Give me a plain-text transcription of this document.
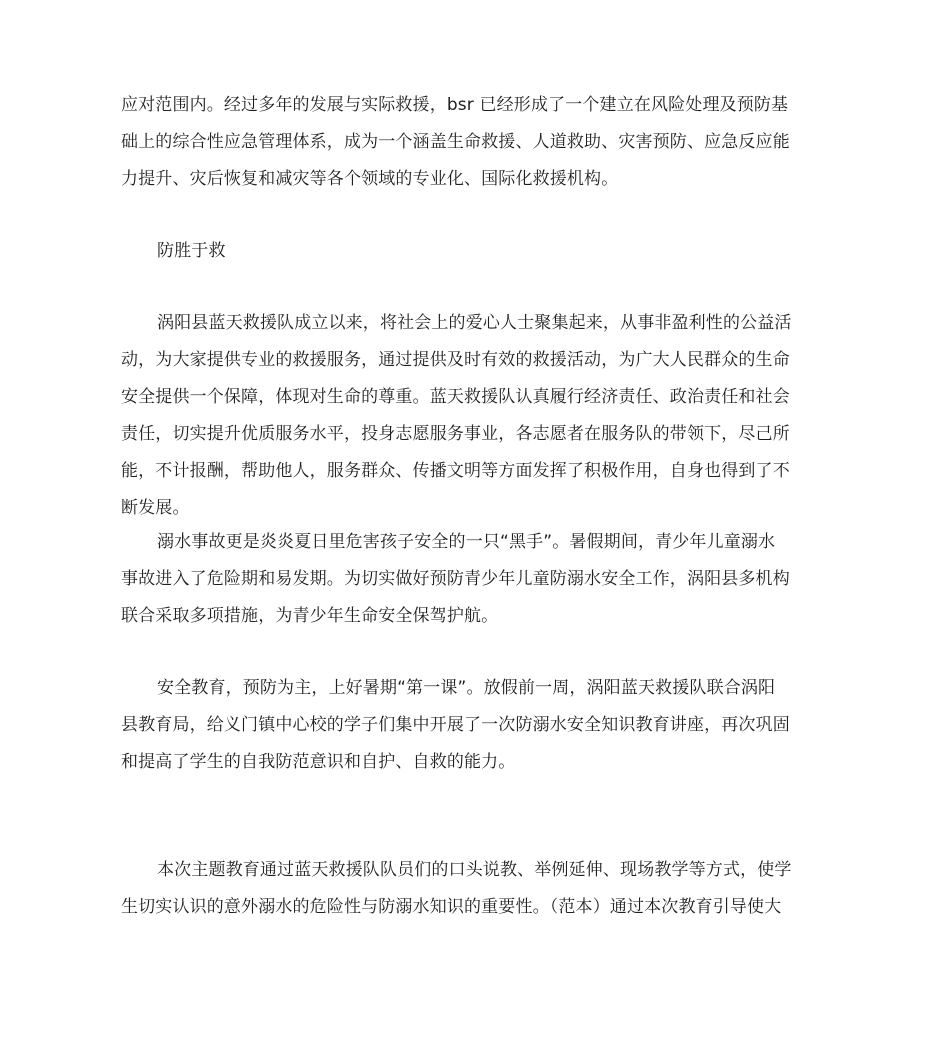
应对范围内。经过多年的发展与实际救援，bsr 已经形成了一个建立在风险处理及预防基
础上的综合性应急管理体系，成为一个涵盖生命救援、人道救助、灾害预防、应急反应能
力提升、灾后恢复和减灾等各个领域的专业化、国际化救援机构。

防胜于救

涡阳县蓝天救援队成立以来，将社会上的爱心人士聚集起来，从事非盈利性的公益活
动，为大家提供专业的救援服务，通过提供及时有效的救援活动，为广大人民群众的生命
安全提供一个保障，体现对生命的尊重。蓝天救援队认真履行经济责任、政治责任和社会
责任，切实提升优质服务水平，投身志愿服务事业，各志愿者在服务队的带领下，尽己所
能，不计报酬，帮助他人，服务群众、传播文明等方面发挥了积极作用，自身也得到了不
断发展。

溺水事故更是炎炎夏日里危害孩子安全的一只“黑手”。暑假期间，青少年儿童溺水
事故进入了危险期和易发期。为切实做好预防青少年儿童防溺水安全工作，涡阳县多机构
联合采取多项措施，为青少年生命安全保驾护航。

安全教育，预防为主，上好暑期“第一课”。放假前一周，涡阳蓝天救援队联合涡阳
县教育局，给义门镇中心校的学子们集中开展了一次防溺水安全知识教育讲座，再次巩固
和提高了学生的自我防范意识和自护、自救的能力。

本次主题教育通过蓝天救援队队员们的口头说教、举例延伸、现场教学等方式，使学
生切实认识的意外溺水的危险性与防溺水知识的重要性。（范本）通过本次教育引导使大
